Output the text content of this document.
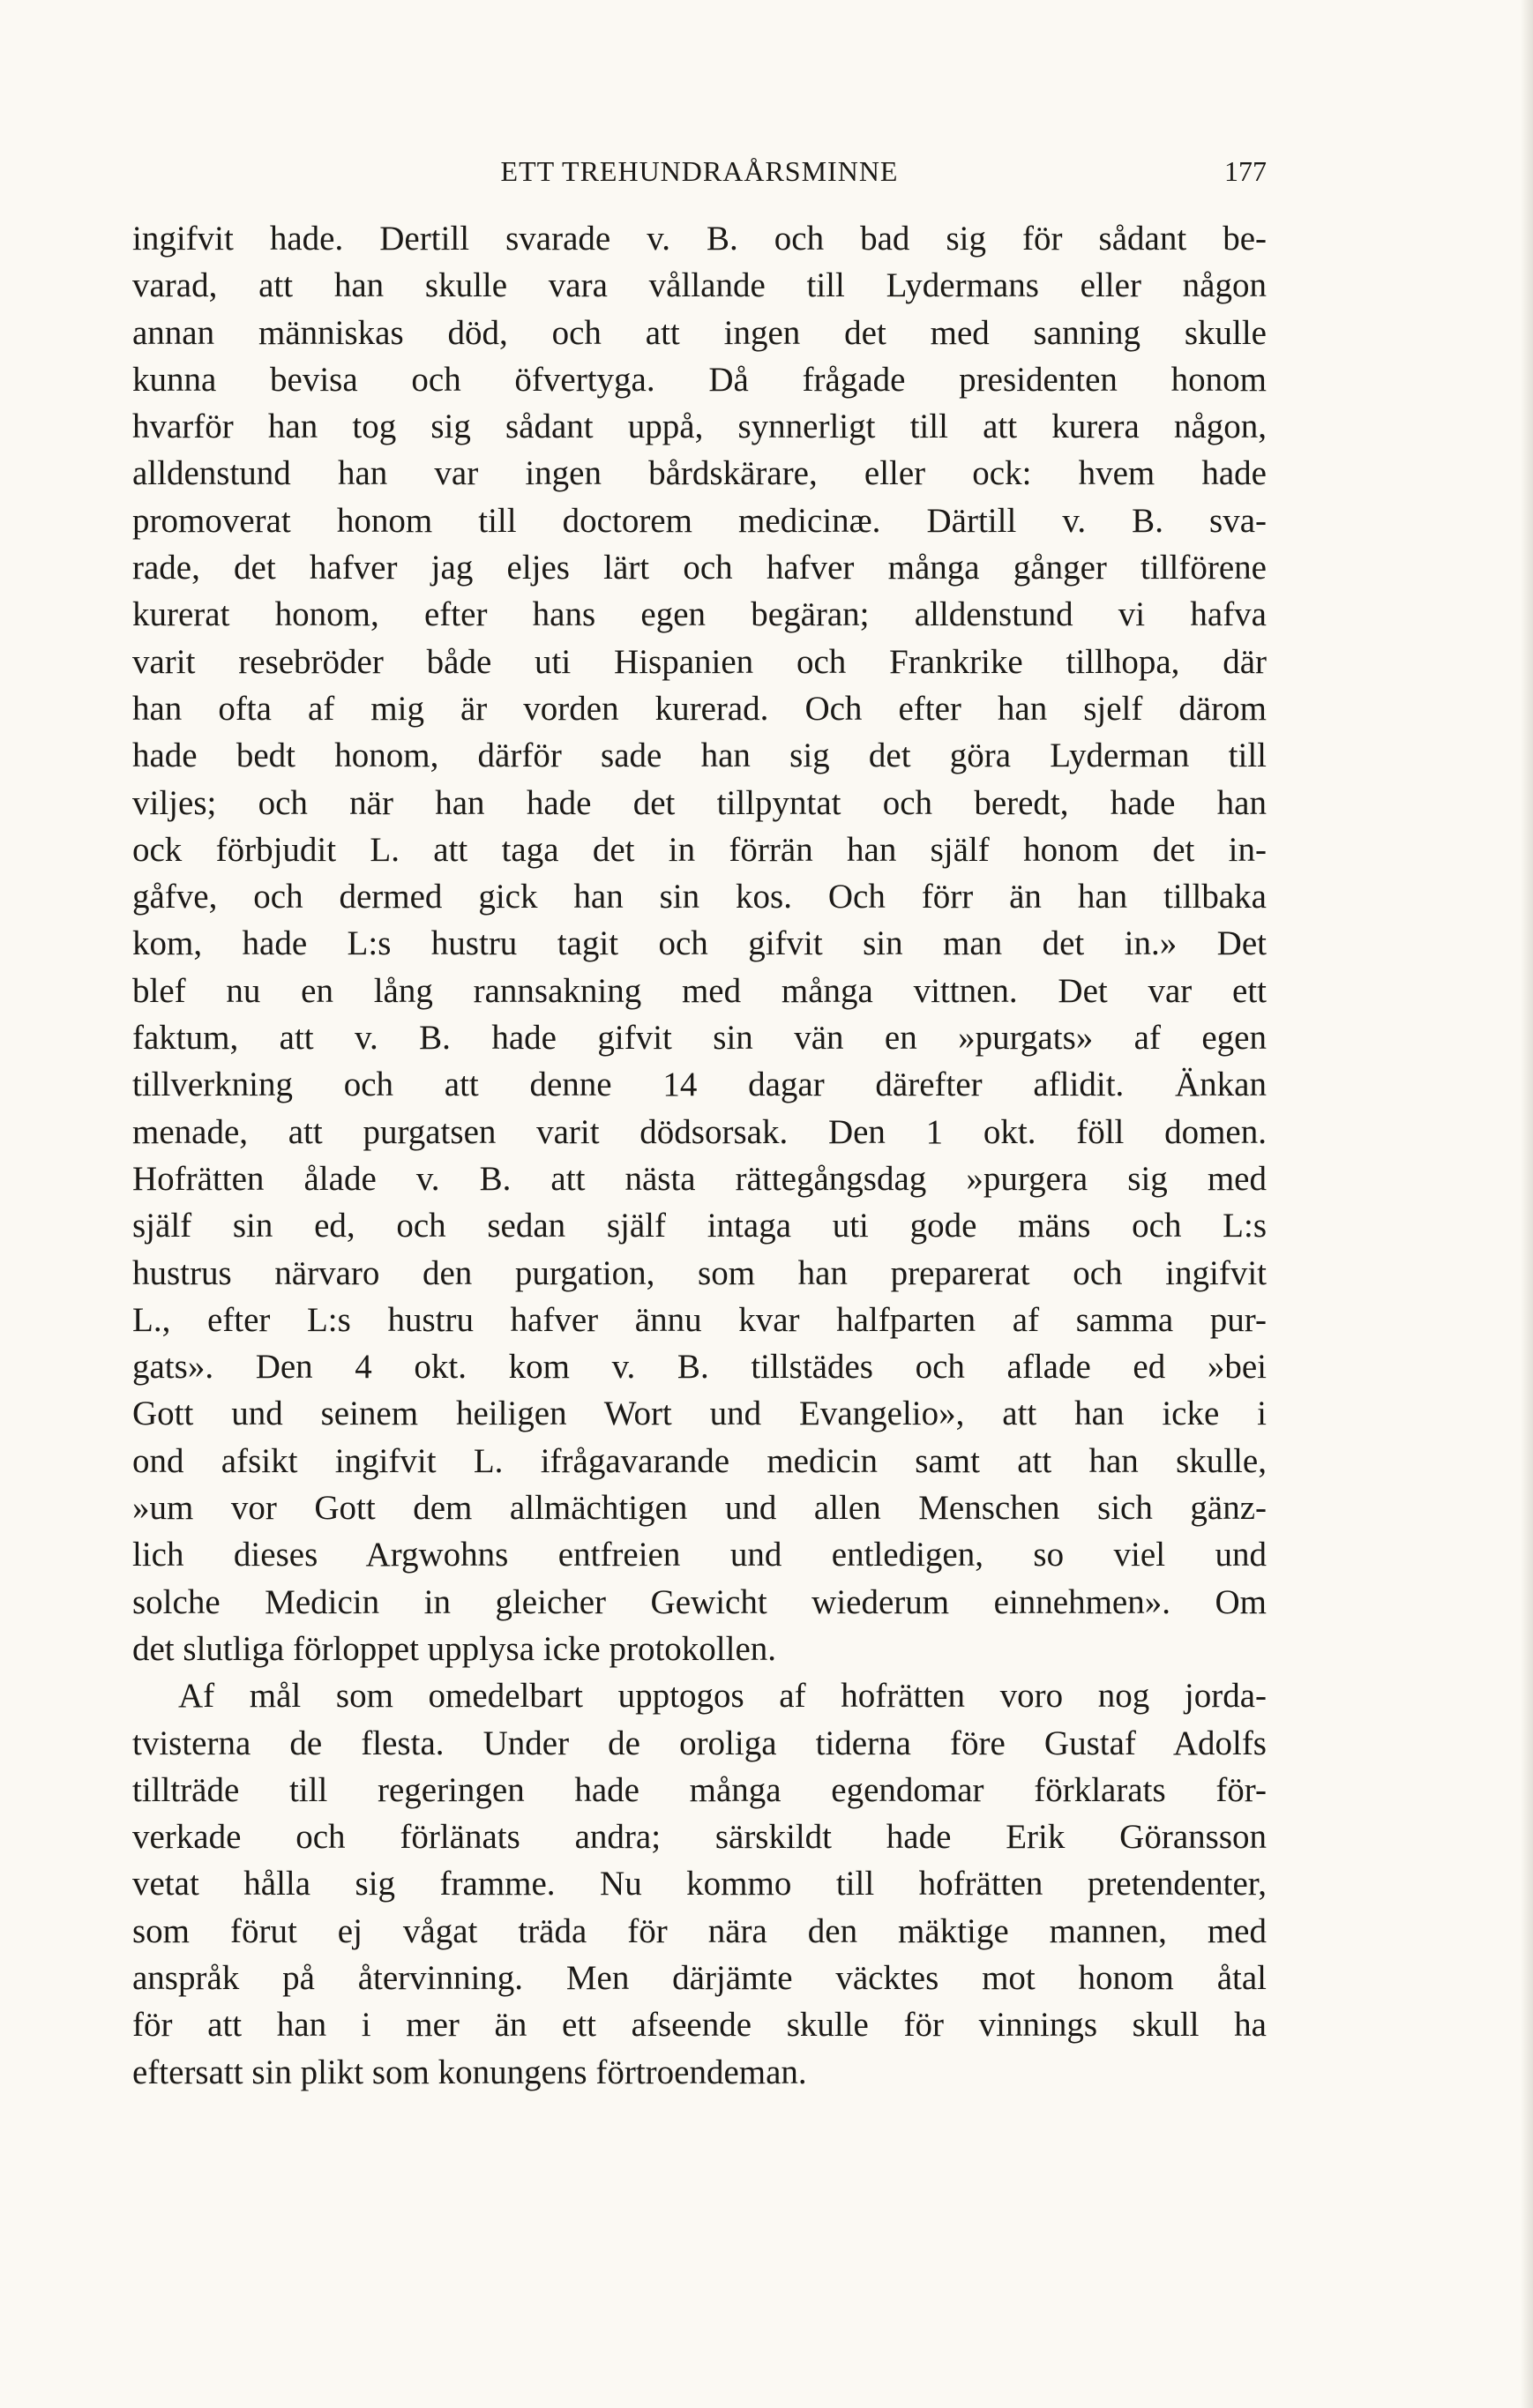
ETT TREHUNDRAÅRSMINNE	177
ingifvit hade. Dertill svarade v. B. och bad sig för sådant be-
varad, att han skulle vara vållande till Lydermans eller någon
annan människas död, och att ingen det med sanning skulle
kunna bevisa och öfvertyga. Då frågade presidenten honom
hvarför han tog sig sådant uppå, synnerligt till att kurera någon,
alldenstund han var ingen bårdskärare, eller ock: hvem hade
promoverat honom till doctorem medicinæ. Därtill v. B. sva-
rade, det hafver jag eljes lärt och hafver många gånger tillförene
kurerat honom, efter hans egen begäran; alldenstund vi hafva
varit resebröder både uti Hispanien och Frankrike tillhopa, där
han ofta af mig är vorden kurerad. Och efter han sjelf därom
hade bedt honom, därför sade han sig det göra Lyderman till
viljes; och när han hade det tillpyntat och beredt, hade han
ock förbjudit L. att taga det in förrän han själf honom det in-
gåfve, och dermed gick han sin kos. Och förr än han tillbaka
kom, hade L:s hustru tagit och gifvit sin man det in.» Det
blef nu en lång rannsakning med många vittnen. Det var ett
faktum, att v. B. hade gifvit sin vän en »purgats» af egen
tillverkning och att denne 14 dagar därefter aflidit. Änkan
menade, att purgatsen varit dödsorsak. Den 1 okt. föll domen.
Hofrätten ålade v. B. att nästa rättegångsdag »purgera sig med
själf sin ed, och sedan själf intaga uti gode mäns och L:s
hustrus närvaro den purgation, som han preparerat och ingifvit
L., efter L:s hustru hafver ännu kvar halfparten af samma pur-
gats». Den 4 okt. kom v. B. tillstädes och aflade ed »bei
Gott und seinem heiligen Wort und Evangelio», att han icke i
ond afsikt ingifvit L. ifrågavarande medicin samt att han skulle,
»um vor Gott dem allmächtigen und allen Menschen sich gänz-
lich dieses Argwohns entfreien und entledigen, so viel und
solche Medicin in gleicher Gewicht wiederum einnehmen». Om
det slutliga förloppet upplysa icke protokollen.
Af mål som omedelbart upptogos af hofrätten voro nog jorda-
tvisterna de flesta. Under de oroliga tiderna före Gustaf Adolfs
tillträde till regeringen hade många egendomar förklarats för-
verkade och förlänats andra; särskildt hade Erik Göransson
vetat hålla sig framme. Nu kommo till hofrätten pretendenter,
som förut ej vågat träda för nära den mäktige mannen, med
anspråk på återvinning. Men därjämte väcktes mot honom åtal
för att han i mer än ett afseende skulle för vinnings skull ha
eftersatt sin plikt som konungens förtroendeman.
